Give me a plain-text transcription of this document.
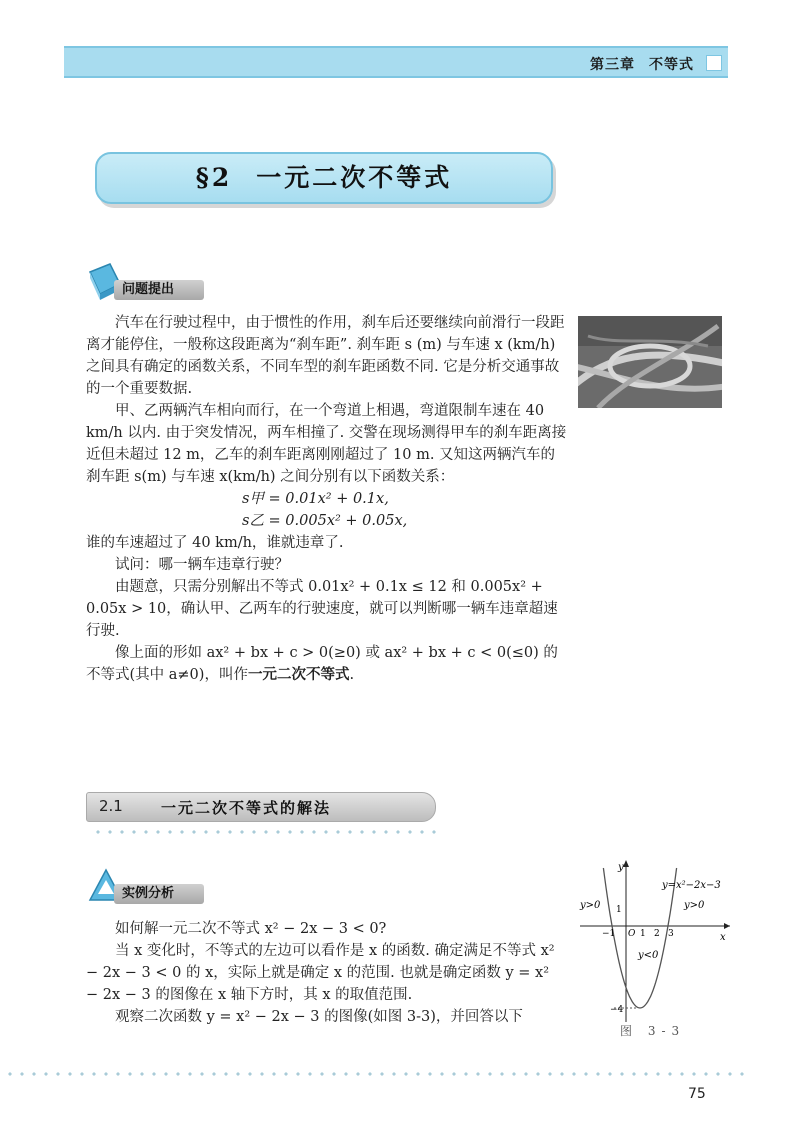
第三章 不等式
§2 一元二次不等式
问题提出

汽车在行驶过程中，由于惯性的作用，刹车后还要继续向前滑行一段距离才能停住，一般称这段距离为“刹车距”. 刹车距 s (m) 与车速 x (km/h) 之间具有确定的函数关系，不同车型的刹车距函数不同. 它是分析交通事故的一个重要数据.

甲、乙两辆汽车相向而行，在一个弯道上相遇，弯道限制车速在 40 km/h 以内. 由于突发情况，两车相撞了. 交警在现场测得甲车的刹车距离接近但未超过 12 m，乙车的刹车距离刚刚超过了 10 m. 又知这两辆汽车的刹车距 s(m) 与车速 x(km/h) 之间分别有以下函数关系：

s甲 = 0.01x² + 0.1x,

s乙 = 0.005x² + 0.05x,

谁的车速超过了 40 km/h，谁就违章了.

试问：哪一辆车违章行驶？

由题意，只需分别解出不等式 0.01x² + 0.1x ≤ 12 和 0.005x² + 0.05x > 10，确认甲、乙两车的行驶速度，就可以判断哪一辆车违章超速行驶.

像上面的形如 ax² + bx + c > 0(≥0) 或 ax² + bx + c < 0(≤0) 的不等式(其中 a≠0)，叫作一元二次不等式.

2.1	一元二次不等式的解法
实例分析

如何解一元二次不等式 x² − 2x − 3 < 0?

当 x 变化时，不等式的左边可以看作是 x 的函数. 确定满足不等式 x² − 2x − 3 < 0 的 x，实际上就是确定 x 的范围. 也就是确定函数 y = x² − 2x − 3 的图像在 x 轴下方时，其 x 的取值范围.

观察二次函数 y = x² − 2x − 3 的图像(如图 3-3)，并回答以下

y
x
y=x²−2x−3
y>0	y>0
y<0
1
−4
−1 O 1 2 3
图 3-3
75
